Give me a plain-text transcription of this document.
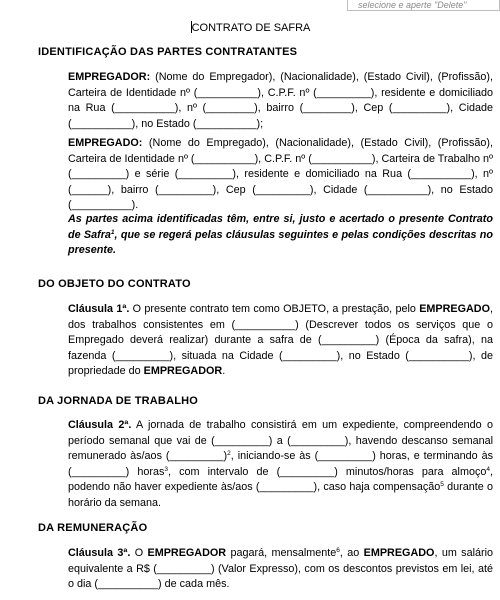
selecione e aperte "Delete"
CONTRATO DE SAFRA
IDENTIFICAÇÃO DAS PARTES CONTRATANTES

EMPREGADOR: (Nome do Empregador), (Nacionalidade), (Estado Civil), (Profissão), Carteira de Identidade nº (__________), C.P.F. nº (_________), residente e domiciliado na Rua (__________), nº (________), bairro (________), Cep (_________), Cidade (__________), no Estado (__________);

EMPREGADO: (Nome do Empregado), (Nacionalidade), (Estado Civil), (Profissão), Carteira de Identidade nº (__________), C.P.F. nº (__________), Carteira de Trabalho nº (_________) e série (_________), residente e domiciliado na Rua (__________), nº (______), bairro (_________), Cep (_________), Cidade (__________), no Estado (__________).

As partes acima identificadas têm, entre si, justo e acertado o presente Contrato de Safra$^1$, que se regerá pelas cláusulas seguintes e pelas condições descritas no presente.

DO OBJETO DO CONTRATO

Cláusula 1ª. O presente contrato tem como OBJETO, a prestação, pelo EMPREGADO, dos trabalhos consistentes em (__________) (Descrever todos os serviços que o Empregado deverá realizar) durante a safra de (_________) (Época da safra), na fazenda (_________), situada na Cidade (_________), no Estado (__________), de propriedade do EMPREGADOR.

DA JORNADA DE TRABALHO

Cláusula 2ª. A jornada de trabalho consistirá em um expediente, compreendendo o período semanal que vai de (_________) a (_________), havendo descanso semanal remunerado às/aos (_________)$^2$, iniciando-se às (_________) horas, e terminando às (_________) horas$^3$, com intervalo de (_________) minutos/horas para almoço$^4$, podendo não haver expediente às/aos (_________), caso haja compensação$^5$ durante o horário da semana.

DA REMUNERAÇÃO

Cláusula 3ª. O EMPREGADOR pagará, mensalmente$^6$, ao EMPREGADO, um salário equivalente a R$ (_________) (Valor Expresso), com os descontos previstos em lei, até o dia (__________) de cada mês.
